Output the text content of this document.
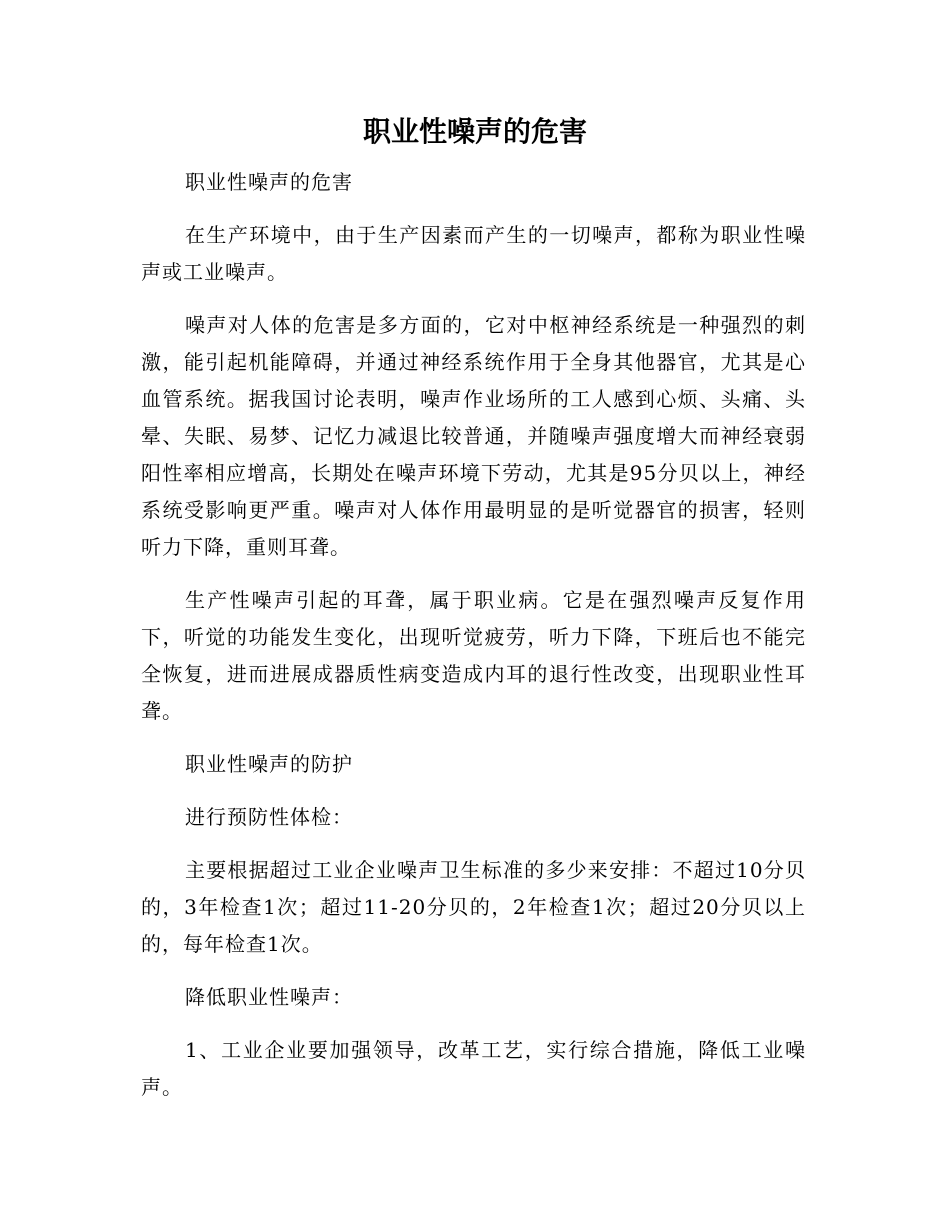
职业性噪声的危害

职业性噪声的危害

在生产环境中，由于生产因素而产生的一切噪声，都称为职业性噪声或工业噪声。

噪声对人体的危害是多方面的，它对中枢神经系统是一种强烈的刺激，能引起机能障碍，并通过神经系统作用于全身其他器官，尤其是心血管系统。据我国讨论表明，噪声作业场所的工人感到心烦、头痛、头晕、失眠、易梦、记忆力减退比较普通，并随噪声强度增大而神经衰弱阳性率相应增高，长期处在噪声环境下劳动，尤其是95分贝以上，神经系统受影响更严重。噪声对人体作用最明显的是听觉器官的损害，轻则听力下降，重则耳聋。

生产性噪声引起的耳聋，属于职业病。它是在强烈噪声反复作用下，听觉的功能发生变化，出现听觉疲劳，听力下降，下班后也不能完全恢复，进而进展成器质性病变造成内耳的退行性改变，出现职业性耳聋。

职业性噪声的防护

进行预防性体检：

主要根据超过工业企业噪声卫生标准的多少来安排：不超过10分贝的，3年检查1次；超过11-20分贝的，2年检查1次；超过20分贝以上的，每年检查1次。

降低职业性噪声：

1、工业企业要加强领导，改革工艺，实行综合措施，降低工业噪声。
